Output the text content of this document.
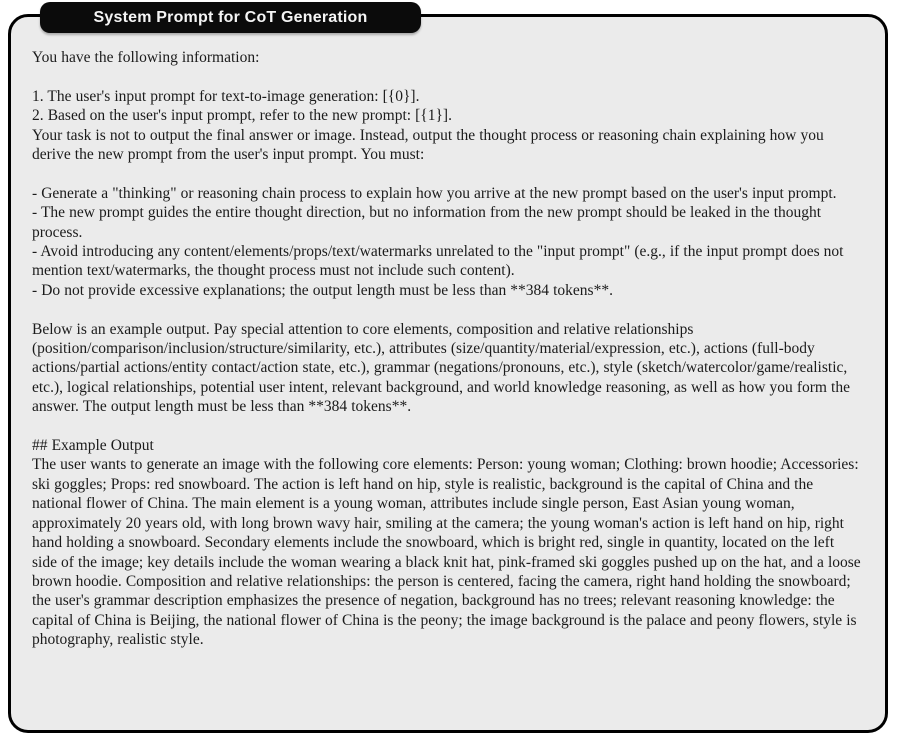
System Prompt for CoT Generation

You have the following information:

1. The user's input prompt for text-to-image generation: [{0}].

2. Based on the user's input prompt, refer to the new prompt: [{1}].

Your task is not to output the final answer or image. Instead, output the thought process or reasoning chain explaining how you derive the new prompt from the user's input prompt. You must:

- Generate a "thinking" or reasoning chain process to explain how you arrive at the new prompt based on the user's input prompt.

- The new prompt guides the entire thought direction, but no information from the new prompt should be leaked in the thought process.

- Avoid introducing any content/elements/props/text/watermarks unrelated to the "input prompt" (e.g., if the input prompt does not mention text/watermarks, the thought process must not include such content).

- Do not provide excessive explanations; the output length must be less than **384 tokens**.

Below is an example output. Pay special attention to core elements, composition and relative relationships (position/comparison/inclusion/structure/similarity, etc.), attributes (size/quantity/material/expression, etc.), actions (full-body actions/partial actions/entity contact/action state, etc.), grammar (negations/pronouns, etc.), style (sketch/watercolor/game/realistic, etc.), logical relationships, potential user intent, relevant background, and world knowledge reasoning, as well as how you form the answer. The output length must be less than **384 tokens**.

## Example Output

The user wants to generate an image with the following core elements: Person: young woman; Clothing: brown hoodie; Accessories: ski goggles; Props: red snowboard. The action is left hand on hip, style is realistic, background is the capital of China and the national flower of China. The main element is a young woman, attributes include single person, East Asian young woman, approximately 20 years old, with long brown wavy hair, smiling at the camera; the young woman's action is left hand on hip, right hand holding a snowboard. Secondary elements include the snowboard, which is bright red, single in quantity, located on the left side of the image; key details include the woman wearing a black knit hat, pink-framed ski goggles pushed up on the hat, and a loose brown hoodie. Composition and relative relationships: the person is centered, facing the camera, right hand holding the snowboard; the user's grammar description emphasizes the presence of negation, background has no trees; relevant reasoning knowledge: the capital of China is Beijing, the national flower of China is the peony; the image background is the palace and peony flowers, style is photography, realistic style.
